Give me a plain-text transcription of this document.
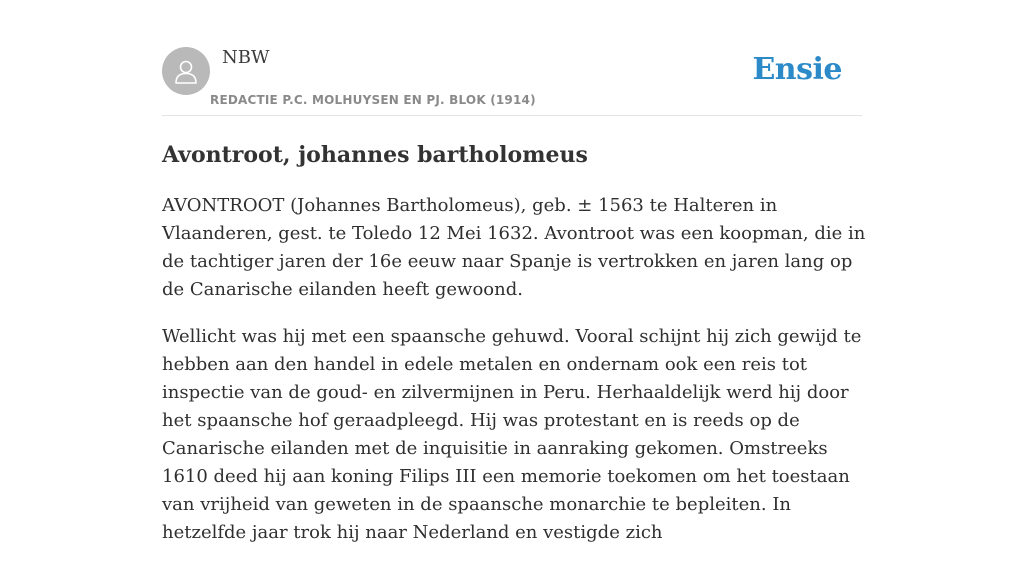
NBW
REDACTIE P.C. MOLHUYSEN EN PJ. BLOK (1914)
Ensie
Avontroot, johannes bartholomeus

AVONTROOT (Johannes Bartholomeus), geb. ± 1563 te Halteren in Vlaanderen, gest. te Toledo 12 Mei 1632. Avontroot was een koopman, die in de tachtiger jaren der 16e eeuw naar Spanje is vertrokken en jaren lang op de Canarische eilanden heeft gewoond.

Wellicht was hij met een spaansche gehuwd. Vooral schijnt hij zich gewijd te hebben aan den handel in edele metalen en ondernam ook een reis tot inspectie van de goud- en zilvermijnen in Peru. Herhaaldelijk werd hij door het spaansche hof geraadpleegd. Hij was protestant en is reeds op de Canarische eilanden met de inquisitie in aanraking gekomen. Omstreeks 1610 deed hij aan koning Filips III een memorie toekomen om het toestaan van vrijheid van geweten in de spaansche monarchie te bepleiten. In hetzelfde jaar trok hij naar Nederland en vestigde zich
